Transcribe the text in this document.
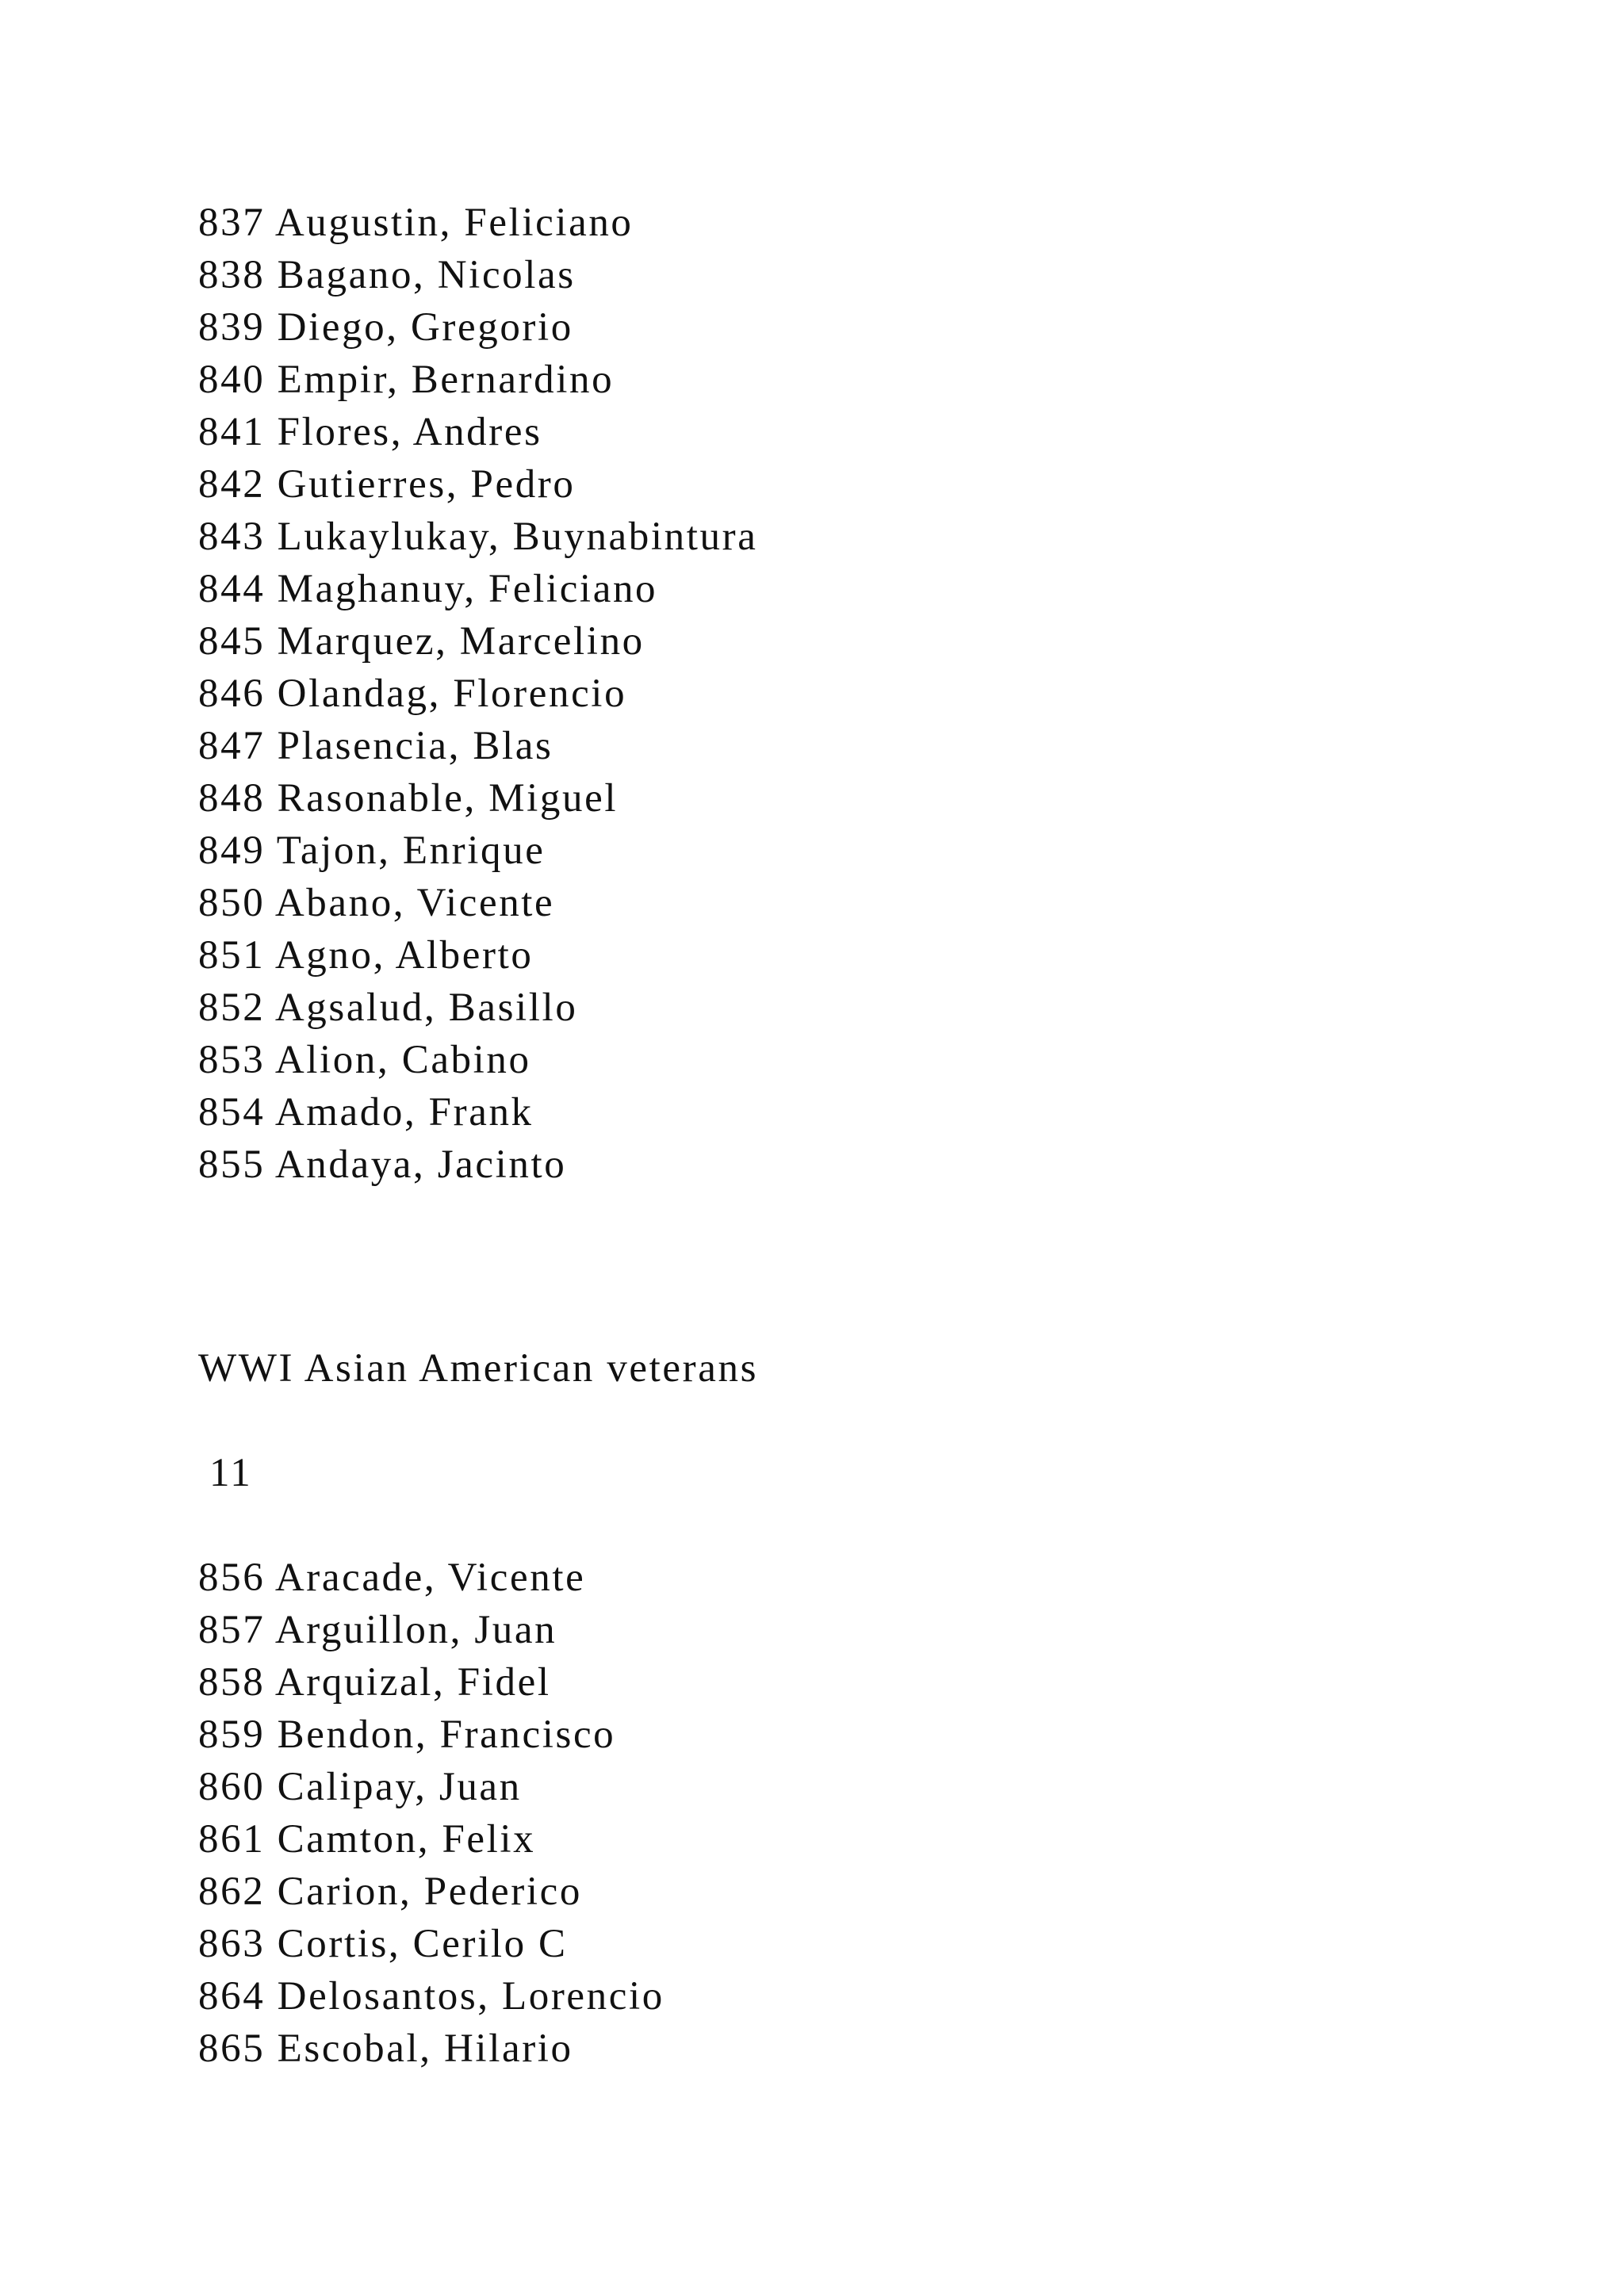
837 Augustin, Feliciano
838 Bagano, Nicolas
839 Diego, Gregorio
840 Empir, Bernardino
841 Flores, Andres
842 Gutierres, Pedro
843 Lukaylukay, Buynabintura
844 Maghanuy, Feliciano
845 Marquez, Marcelino
846 Olandag, Florencio
847 Plasencia, Blas
848 Rasonable, Miguel
849 Tajon, Enrique
850 Abano, Vicente
851 Agno, Alberto
852 Agsalud, Basillo
853 Alion, Cabino
854 Amado, Frank
855 Andaya, Jacinto
WWI Asian American veterans
11
856 Aracade, Vicente
857 Arguillon, Juan
858 Arquizal, Fidel
859 Bendon, Francisco
860 Calipay, Juan
861 Camton, Felix
862 Carion, Pederico
863 Cortis, Cerilo C
864 Delosantos, Lorencio
865 Escobal, Hilario
